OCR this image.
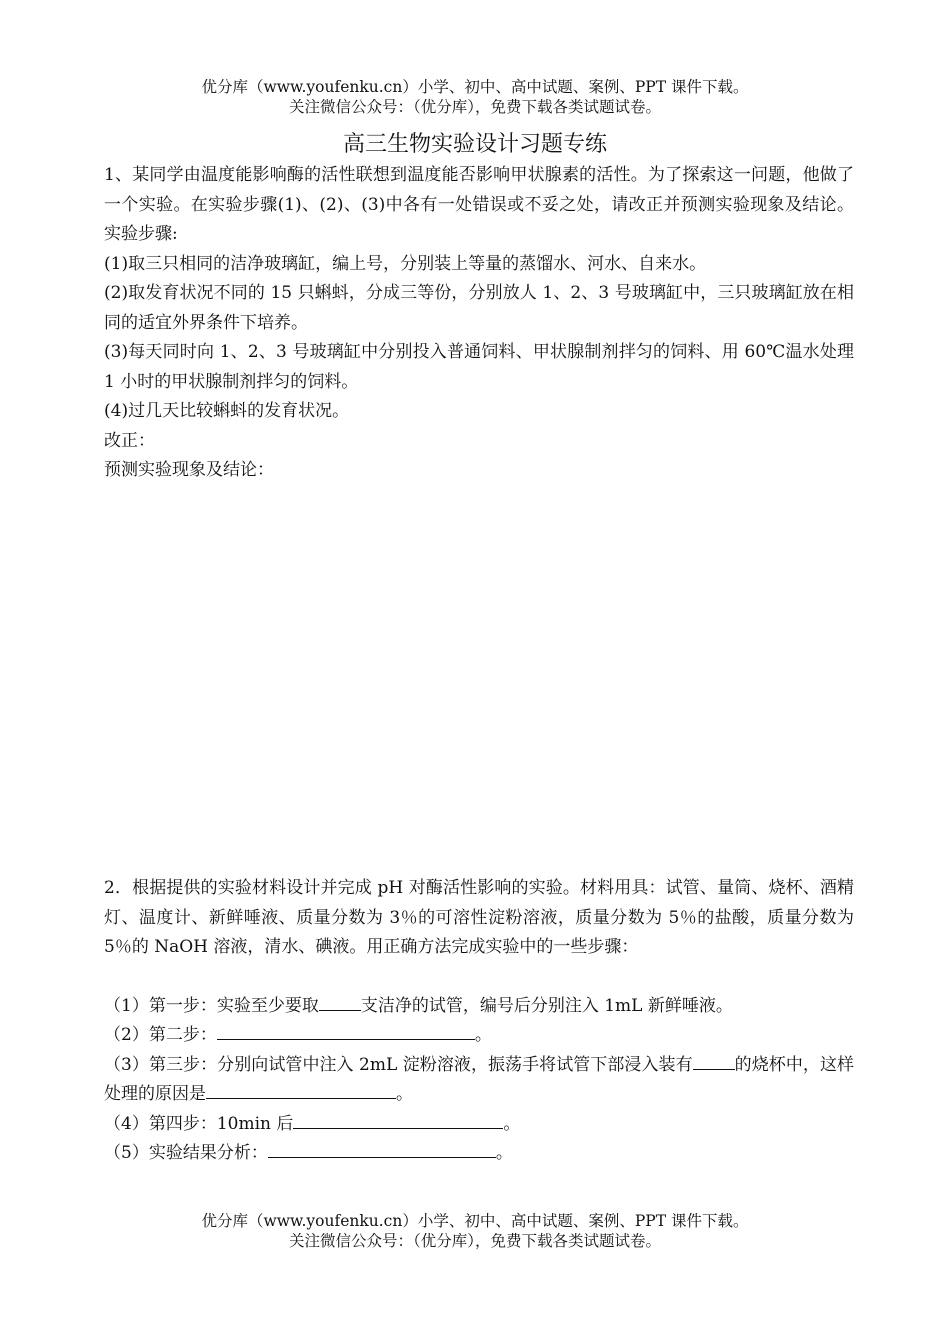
优分库（www.youfenku.cn）小学、初中、高中试题、案例、PPT 课件下载。
关注微信公众号：（优分库），免费下载各类试题试卷。
高三生物实验设计习题专练

1、某同学由温度能影响酶的活性联想到温度能否影响甲状腺素的活性。为了探索这一问题，他做了一个实验。在实验步骤(1)、(2)、(3)中各有一处错误或不妥之处，请改正并预测实验现象及结论。实验步骤:

(1)取三只相同的洁净玻璃缸，编上号，分别装上等量的蒸馏水、河水、自来水。

(2)取发育状况不同的 15 只蝌蚪，分成三等份，分别放人 1、2、3 号玻璃缸中，三只玻璃缸放在相同的适宜外界条件下培养。

(3)每天同时向 1、2、3 号玻璃缸中分别投入普通饲料、甲状腺制剂拌匀的饲料、用 60℃温水处理 1 小时的甲状腺制剂拌匀的饲料。

(4)过几天比较蝌蚪的发育状况。

改正：

预测实验现象及结论：

2．根据提供的实验材料设计并完成 pH 对酶活性影响的实验。材料用具：试管、量筒、烧杯、酒精灯、温度计、新鲜唾液、质量分数为 3％的可溶性淀粉溶液，质量分数为 5％的盐酸，质量分数为 5％的 NaOH 溶液，清水、碘液。用正确方法完成实验中的一些步骤：

（1）第一步：实验至少要取 支洁净的试管，编号后分别注入 1mL 新鲜唾液。

（2）第二步：	。

（3）第三步：分别向试管中注入 2mL 淀粉溶液，振荡手将试管下部浸入装有 的烧杯中，这样处理的原因是	。

（4）第四步：10min 后	。

（5）实验结果分析：	。

优分库（www.youfenku.cn）小学、初中、高中试题、案例、PPT 课件下载。
关注微信公众号：（优分库），免费下载各类试题试卷。
